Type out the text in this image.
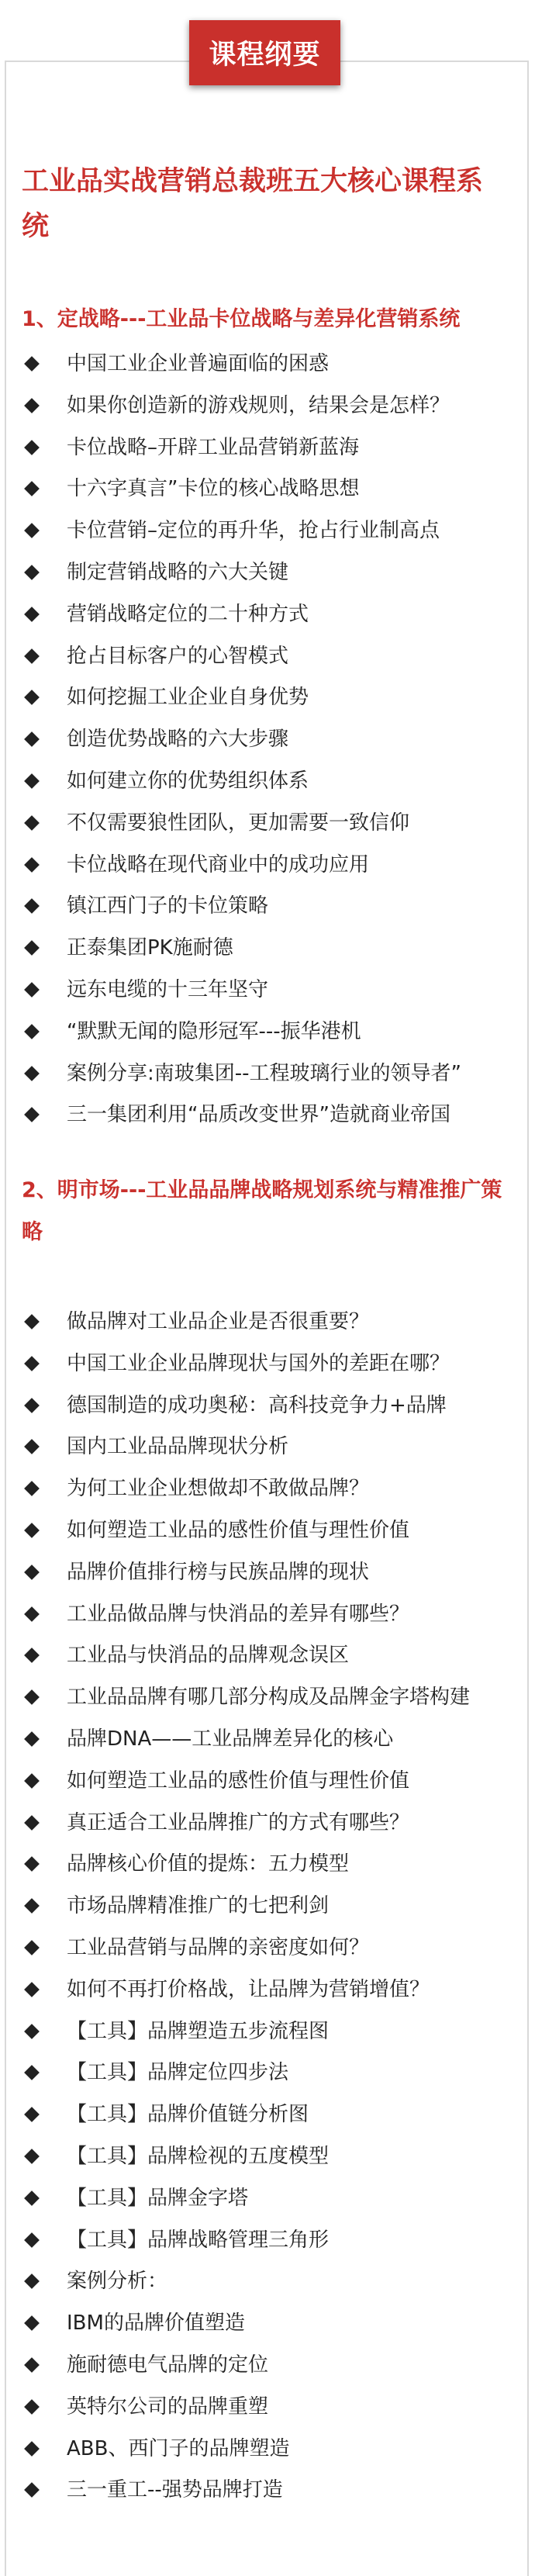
课程纲要
工业品实战营销总裁班五大核心课程系统
1、定战略---工业品卡位战略与差异化营销系统
中国工业企业普遍面临的困惑
如果你创造新的游戏规则，结果会是怎样？
卡位战略–开辟工业品营销新蓝海
十六字真言”卡位的核心战略思想
卡位营销–定位的再升华，抢占行业制高点
制定营销战略的六大关键
营销战略定位的二十种方式
抢占目标客户的心智模式
如何挖掘工业企业自身优势
创造优势战略的六大步骤
如何建立你的优势组织体系
不仅需要狼性团队，更加需要一致信仰
卡位战略在现代商业中的成功应用
镇江西门子的卡位策略
正泰集团PK施耐德
远东电缆的十三年坚守
“默默无闻的隐形冠军---振华港机
案例分享:南玻集团--工程玻璃行业的领导者”
三一集团利用“品质改变世界”造就商业帝国
2、明市场---工业品品牌战略规划系统与精准推广策略
做品牌对工业品企业是否很重要？
中国工业企业品牌现状与国外的差距在哪？
德国制造的成功奥秘：高科技竞争力+品牌
国内工业品品牌现状分析
为何工业企业想做却不敢做品牌？
如何塑造工业品的感性价值与理性价值
品牌价值排行榜与民族品牌的现状
工业品做品牌与快消品的差异有哪些？
工业品与快消品的品牌观念误区
工业品品牌有哪几部分构成及品牌金字塔构建
品牌DNA——工业品牌差异化的核心
如何塑造工业品的感性价值与理性价值
真正适合工业品牌推广的方式有哪些？
品牌核心价值的提炼：五力模型
市场品牌精准推广的七把利剑
工业品营销与品牌的亲密度如何？
如何不再打价格战，让品牌为营销增值？
【工具】品牌塑造五步流程图
【工具】品牌定位四步法
【工具】品牌价值链分析图
【工具】品牌检视的五度模型
【工具】品牌金字塔
【工具】品牌战略管理三角形
案例分析：
IBM的品牌价值塑造
施耐德电气品牌的定位
英特尔公司的品牌重塑
ABB、西门子的品牌塑造
三一重工--强势品牌打造
